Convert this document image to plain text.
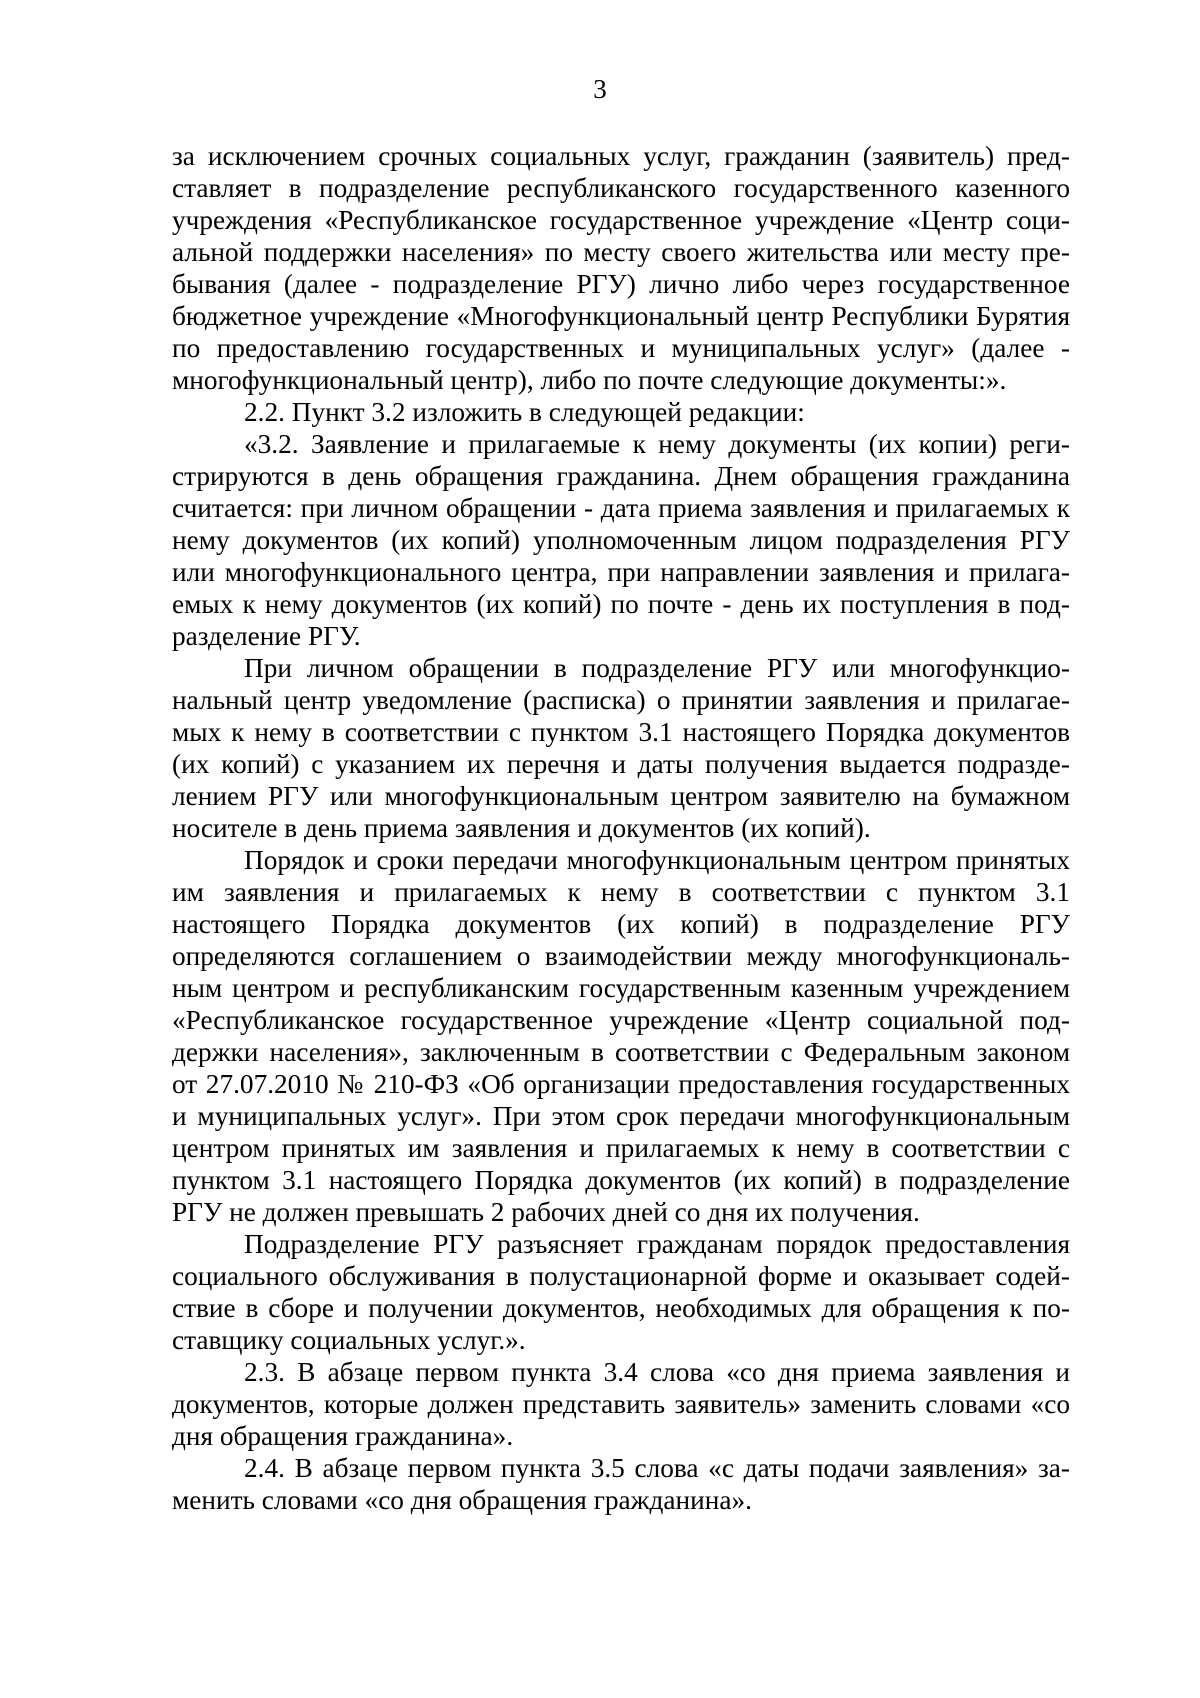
3

за исключением срочных социальных услуг, гражданин (заявитель) представляет в подразделение республиканского государственного казенного учреждения «Республиканское государственное учреждение «Центр социальной поддержки населения» по месту своего жительства или месту пребывания (далее - подразделение РГУ) лично либо через государственное бюджетное учреждение «Многофункциональный центр Республики Бурятия по предоставлению государственных и муниципальных услуг» (далее - многофункциональный центр), либо по почте следующие документы:».

2.2. Пункт 3.2 изложить в следующей редакции:

«3.2. Заявление и прилагаемые к нему документы (их копии) регистрируются в день обращения гражданина. Днем обращения гражданина считается: при личном обращении - дата приема заявления и прилагаемых к нему документов (их копий) уполномоченным лицом подразделения РГУ или многофункционального центра, при направлении заявления и прилагаемых к нему документов (их копий) по почте - день их поступления в подразделение РГУ.

При личном обращении в подразделение РГУ или многофункциональный центр уведомление (расписка) о принятии заявления и прилагаемых к нему в соответствии с пунктом 3.1 настоящего Порядка документов (их копий) с указанием их перечня и даты получения выдается подразделением РГУ или многофункциональным центром заявителю на бумажном носителе в день приема заявления и документов (их копий).

Порядок и сроки передачи многофункциональным центром принятых им заявления и прилагаемых к нему в соответствии с пунктом 3.1 настоящего Порядка документов (их копий) в подразделение РГУ определяются соглашением о взаимодействии между многофункциональным центром и республиканским государственным казенным учреждением «Республиканское государственное учреждение «Центр социальной поддержки населения», заключенным в соответствии с Федеральным законом от 27.07.2010 № 210-ФЗ «Об организации предоставления государственных и муниципальных услуг». При этом срок передачи многофункциональным центром принятых им заявления и прилагаемых к нему в соответствии с пунктом 3.1 настоящего Порядка документов (их копий) в подразделение РГУ не должен превышать 2 рабочих дней со дня их получения.

Подразделение РГУ разъясняет гражданам порядок предоставления социального обслуживания в полустационарной форме и оказывает содействие в сборе и получении документов, необходимых для обращения к поставщику социальных услуг.».

2.3. В абзаце первом пункта 3.4 слова «со дня приема заявления и документов, которые должен представить заявитель» заменить словами «со дня обращения гражданина».

2.4. В абзаце первом пункта 3.5 слова «с даты подачи заявления» заменить словами «со дня обращения гражданина».
